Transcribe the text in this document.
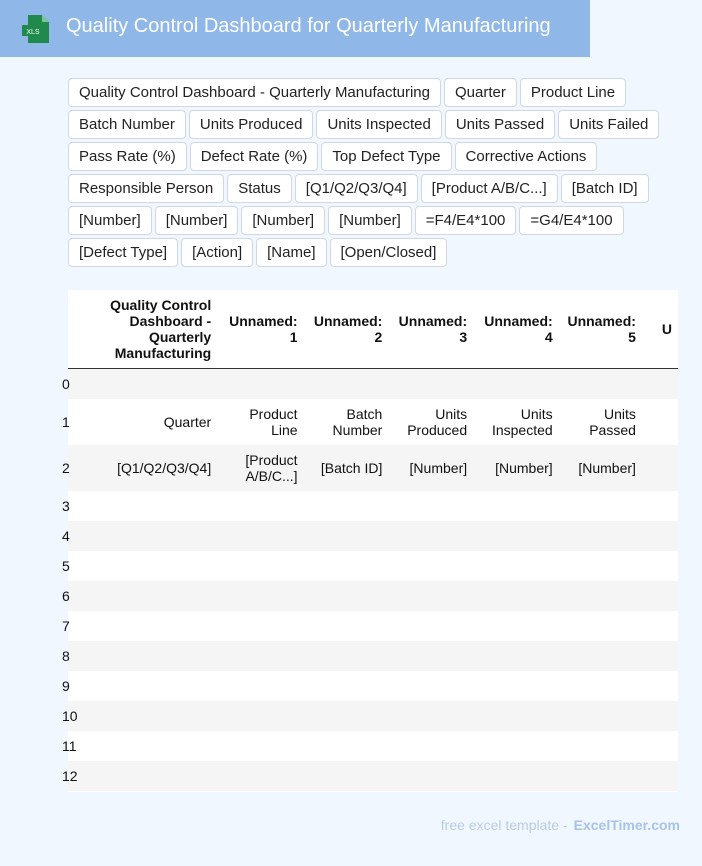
XLS Quality Control Dashboard for Quarterly Manufacturing
Quality Control Dashboard - Quarterly Manufacturing	Quarter	Product Line
Batch Number	Units Produced	Units Inspected	Units Passed	Units Failed
Pass Rate (%)	Defect Rate (%)	Top Defect Type	Corrective Actions
Responsible Person	Status	[Q1/Q2/Q3/Q4]	[Product A/B/C...]	[Batch ID]
[Number]	[Number]	[Number]	[Number]	=F4/E4*100	=G4/E4*100
[Defect Type]	[Action]	[Name]	[Open/Closed]
	Quality Control Dashboard - Quarterly Manufacturing	Unnamed: 1	Unnamed: 2	Unnamed: 3	Unnamed: 4	Unnamed: 5	U
0							
1	Quarter	Product Line	Batch Number	Units Produced	Units Inspected	Units Passed	
2	[Q1/Q2/Q3/Q4]	[Product A/B/C...]	[Batch ID]	[Number]	[Number]	[Number]	
3							
4							
5							
6							
7							
8							
9							
10							
11							
12							
free excel template - ExcelTimer.com
